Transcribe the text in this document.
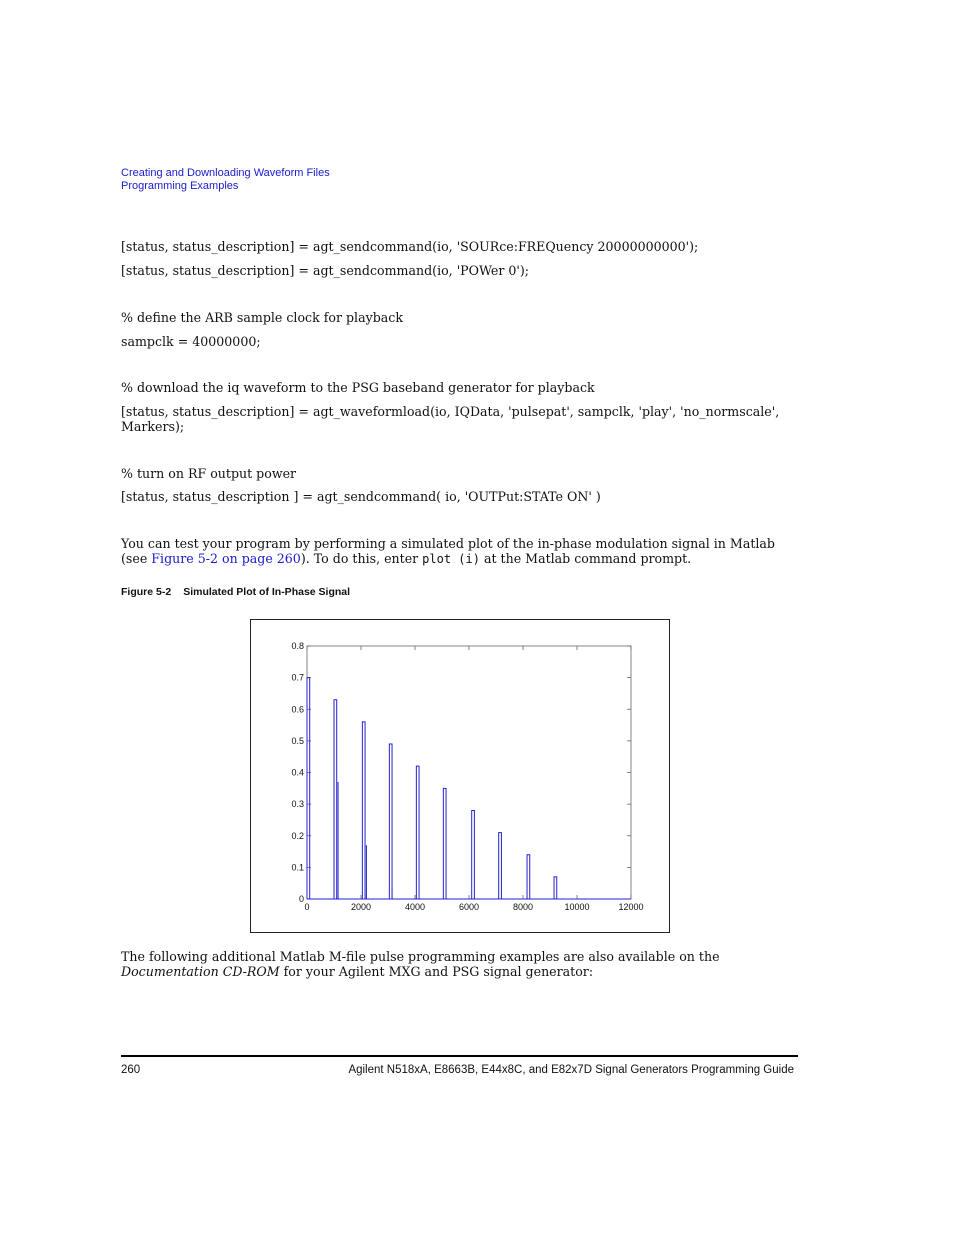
Creating and Downloading Waveform Files
Programming Examples
[status, status_description] = agt_sendcommand(io, 'SOURce:FREQuency 20000000000');
[status, status_description] = agt_sendcommand(io, 'POWer 0');
% define the ARB sample clock for playback
sampclk = 40000000;
% download the iq waveform to the PSG baseband generator for playback
[status, status_description] = agt_waveformload(io, IQData, 'pulsepat', sampclk, 'play', 'no_normscale', Markers);
% turn on RF output power
[status, status_description ] = agt_sendcommand( io, 'OUTPut:STATe ON' )
You can test your program by performing a simulated plot of the in-phase modulation signal in Matlab (see Figure 5-2 on page 260). To do this, enter plot (i) at the Matlab command prompt.
Figure 5-2 Simulated Plot of In-Phase Signal
0	2000	4000	6000	8000	10000	12000
0
0.1
0.2
0.3
0.4
0.5
0.6
0.7
0.8
The following additional Matlab M-file pulse programming examples are also available on the Documentation CD-ROM for your Agilent MXG and PSG signal generator:
260	Agilent N518xA, E8663B, E44x8C, and E82x7D Signal Generators Programming Guide
